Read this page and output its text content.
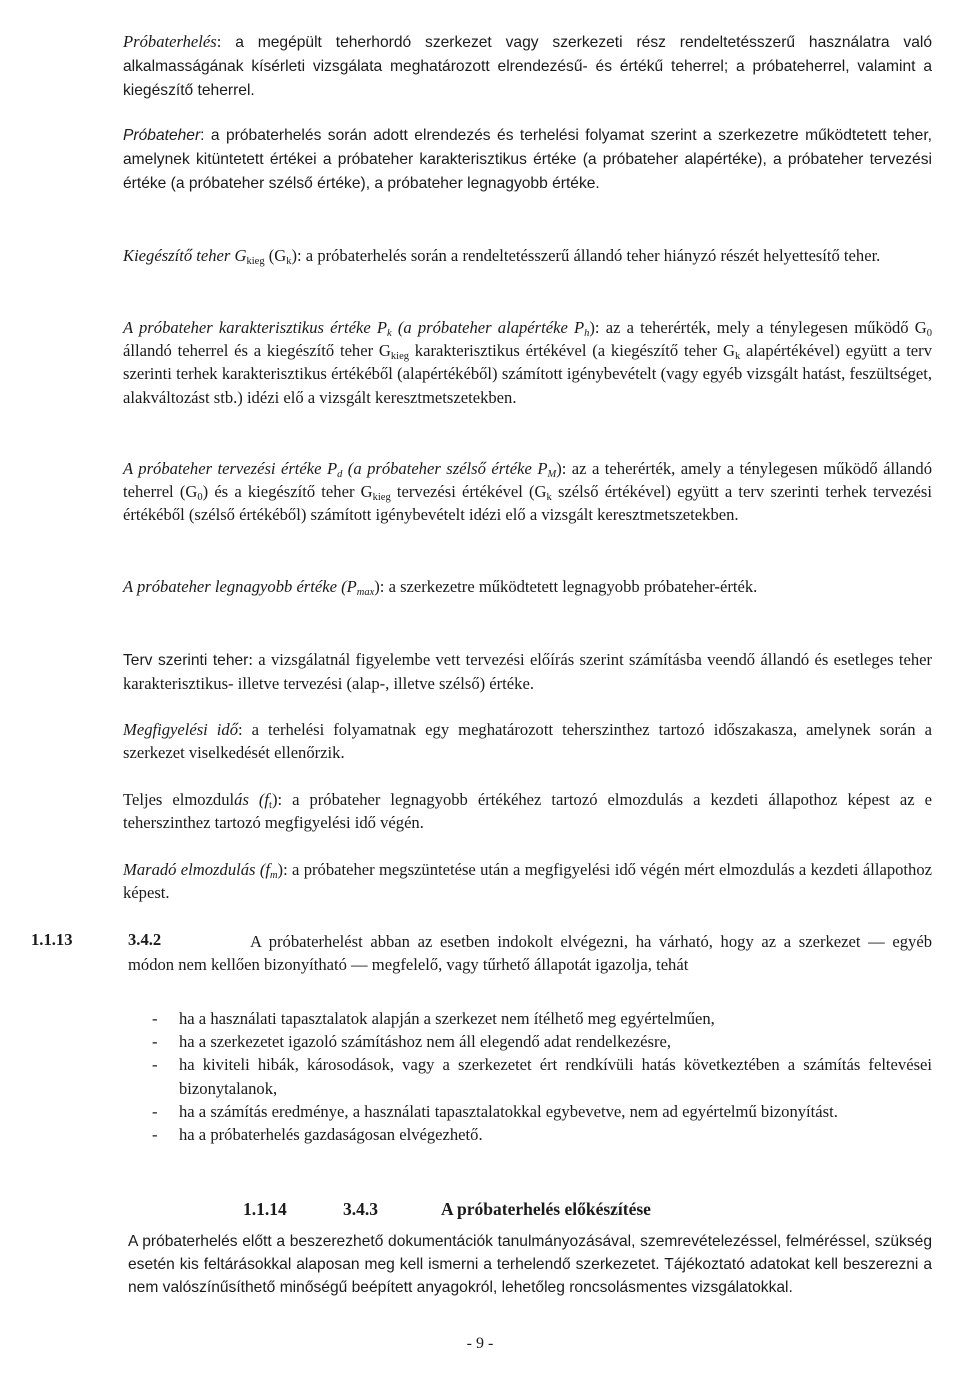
Próbaterhelés: a megépült teherhordó szerkezet vagy szerkezeti rész rendeltetésszerű használatra való alkalmasságának kísérleti vizsgálata meghatározott elrendezésű- és értékű teherrel; a próbateherrel, valamint a kiegészítő teherrel.

Próbateher: a próbaterhelés során adott elrendezés és terhelési folyamat szerint a szerkezetre működtetett teher, amelynek kitüntetett értékei a próbateher karakterisztikus értéke (a próbateher alapértéke), a próbateher tervezési értéke (a próbateher szélső értéke), a próbateher legnagyobb értéke.

Kiegészítő teher $G_{kieg}$ $(G_k)$: a próbaterhelés során a rendeltetésszerű állandó teher hiányzó részét helyettesítő teher.

A próbateher karakterisztikus értéke $P_k$ (a próbateher alapértéke $P_h$): az a teherérték, mely a ténylegesen működő $G_0$ állandó teherrel és a kiegészítő teher $G_{kieg}$ karakterisztikus értékével (a kiegészítő teher $G_k$ alapértékével) együtt a terv szerinti terhek karakterisztikus értékéből (alapértékéből) számított igénybevételt (vagy egyéb vizsgált hatást, feszültséget, alakváltozást stb.) idézi elő a vizsgált keresztmetszetekben.

A próbateher tervezési értéke $P_d$ (a próbateher szélső értéke $P_M$): az a teherérték, amely a ténylegesen működő állandó teherrel $(G_0)$ és a kiegészítő teher $G_{kieg}$ tervezési értékével ($G_k$ szélső értékével) együtt a terv szerinti terhek tervezési értékéből (szélső értékéből) számított igénybevételt idézi elő a vizsgált keresztmetszetekben.

A próbateher legnagyobb értéke $(P_{max})$: a szerkezetre működtetett legnagyobb próbateher-érték.

Terv szerinti teher: a vizsgálatnál figyelembe vett tervezési előírás szerint számításba veendő állandó és esetleges teher karakterisztikus- illetve tervezési (alap-, illetve szélső) értéke.

Megfigyelési idő: a terhelési folyamatnak egy meghatározott teherszinthez tartozó időszakasza, amelynek során a szerkezet viselkedését ellenőrzik.

Teljes elmozdulás $(f_t)$: a próbateher legnagyobb értékéhez tartozó elmozdulás a kezdeti állapothoz képest az e teherszinthez tartozó megfigyelési idő végén.

Maradó elmozdulás $(f_m)$: a próbateher megszüntetése után a megfigyelési idő végén mért elmozdulás a kezdeti állapothoz képest.

1.1.13	3.4.2	A próbaterhelést abban az esetben indokolt elvégezni, ha várható, hogy az a szerkezet — egyéb módon nem kellően bizonyítható — megfelelő, vagy tűrhető állapotát igazolja, tehát

- ha a használati tapasztalatok alapján a szerkezet nem ítélhető meg egyértelműen,
- ha a szerkezetet igazoló számításhoz nem áll elegendő adat rendelkezésre,
- ha kiviteli hibák, károsodások, vagy a szerkezetet ért rendkívüli hatás következtében a számítás feltevései bizonytalanok,
- ha a számítás eredménye, a használati tapasztalatokkal egybevetve, nem ad egyértelmű bizonyítást.
- ha a próbaterhelés gazdaságosan elvégezhető.
1.1.14	3.4.3	A próbaterhelés előkészítése

A próbaterhelés előtt a beszerezhető dokumentációk tanulmányozásával, szemrevételezéssel, felméréssel, szükség esetén kis feltárásokkal alaposan meg kell ismerni a terhelendő szerkezetet. Tájékoztató adatokat kell beszerezni a nem valószínűsíthető minőségű beépített anyagokról, lehetőleg roncsolásmentes vizsgálatokkal.

- 9 -
